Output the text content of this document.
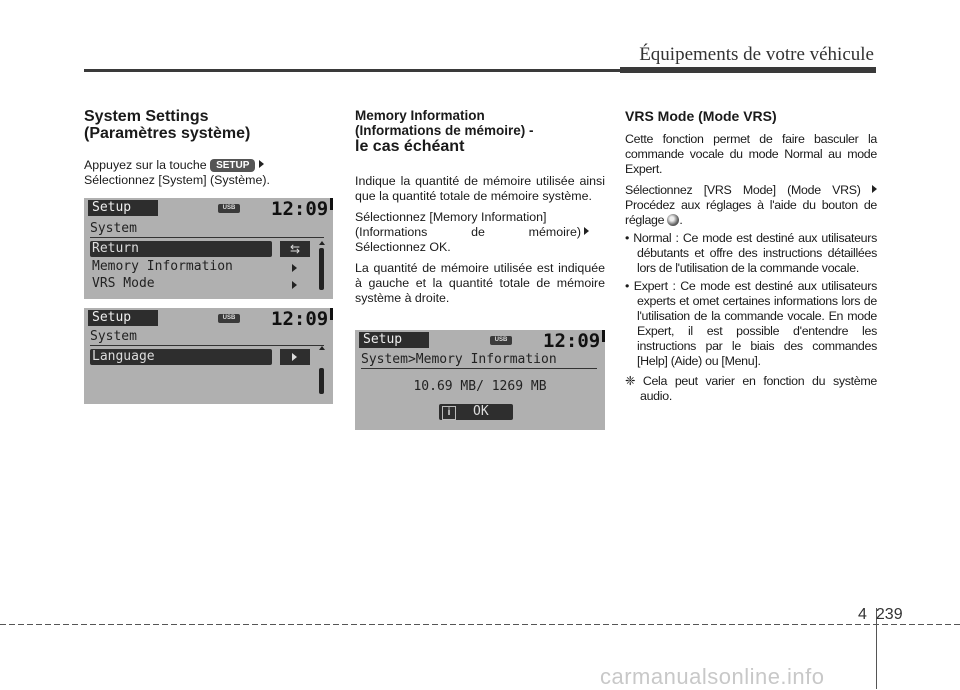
Équipements de votre véhicule
System Settings
(Paramètres système)

Appuyez sur la touche SETUP
Sélectionnez [System] (Système).

Setup	USB 12:09
System
Return	⇆
Memory Information
VRS Mode
Setup	USB 12:09
System
Language
Memory Information
(Informations de mémoire) -
le cas échéant

Indique la quantité de mémoire utilisée ainsi que la quantité totale de mémoire système.

Sélectionnez [Memory Information]
(Informations de mémoire)
Sélectionnez OK.

La quantité de mémoire utilisée est indiquée à gauche et la quantité totale de mémoire système à droite.

Setup	USB 12:09
System>Memory Information
10.69 MB/ 1269 MB
i	OK
VRS Mode (Mode VRS)

Cette fonction permet de faire basculer la commande vocale du mode Normal au mode Expert.

Sélectionnez [VRS Mode] (Mode VRS)  Procédez aux réglages à l'aide du bouton de réglage .

• Normal : Ce mode est destiné aux utilisateurs débutants et offre des instructions détaillées lors de l'utilisation de la commande vocale.

• Expert : Ce mode est destiné aux utilisateurs experts et omet certaines informations lors de l'utilisation de la commande vocale. En mode Expert, il est possible d'entendre les instructions par le biais des commandes [Help] (Aide) ou [Menu].

❈ Cela peut varier en fonction du système audio.

4 239
carmanualsonline.info
